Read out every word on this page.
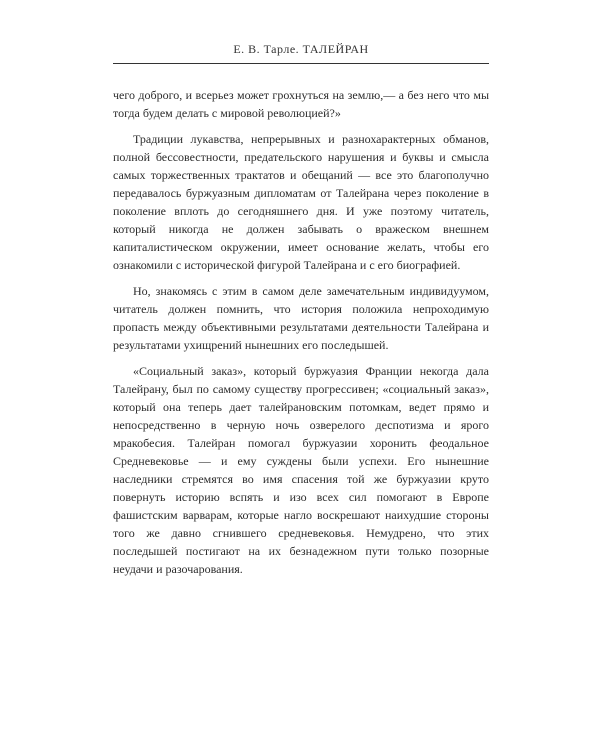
Е. В. Тарле. ТАЛЕЙРАН

чего доброго, и всерьез может грохнуться на землю,— а без него что мы тогда будем делать с мировой революцией?»

Традиции лукавства, непрерывных и разнохарактерных обманов, полной бессовестности, предательского нарушения и буквы и смысла самых торжественных трактатов и обещаний — все это благополучно передавалось буржуазным дипломатам от Талейрана через поколение в поколение вплоть до сегодняшнего дня. И уже поэтому читатель, который никогда не должен забывать о вражеском внешнем капиталистическом окружении, имеет основание желать, чтобы его ознакомили с исторической фигурой Талейрана и с его биографией.

Но, знакомясь с этим в самом деле замечательным индивидуумом, читатель должен помнить, что история положила непроходимую пропасть между объективными результатами деятельности Талейрана и результатами ухищрений нынешних его последышей.

«Социальный заказ», который буржуазия Франции некогда дала Талейрану, был по самому существу прогрессивен; «социальный заказ», который она теперь дает талейрановским потомкам, ведет прямо и непосредственно в черную ночь озверелого деспотизма и ярого мракобесия. Талейран помогал буржуазии хоронить феодальное Средневековье — и ему суждены были успехи. Его нынешние наследники стремятся во имя спасения той же буржуазии круто повернуть историю вспять и изо всех сил помогают в Европе фашистским варварам, которые нагло воскрешают наихудшие стороны того же давно сгнившего средневековья. Немудрено, что этих последышей постигают на их безнадежном пути только позорные неудачи и разочарования.
